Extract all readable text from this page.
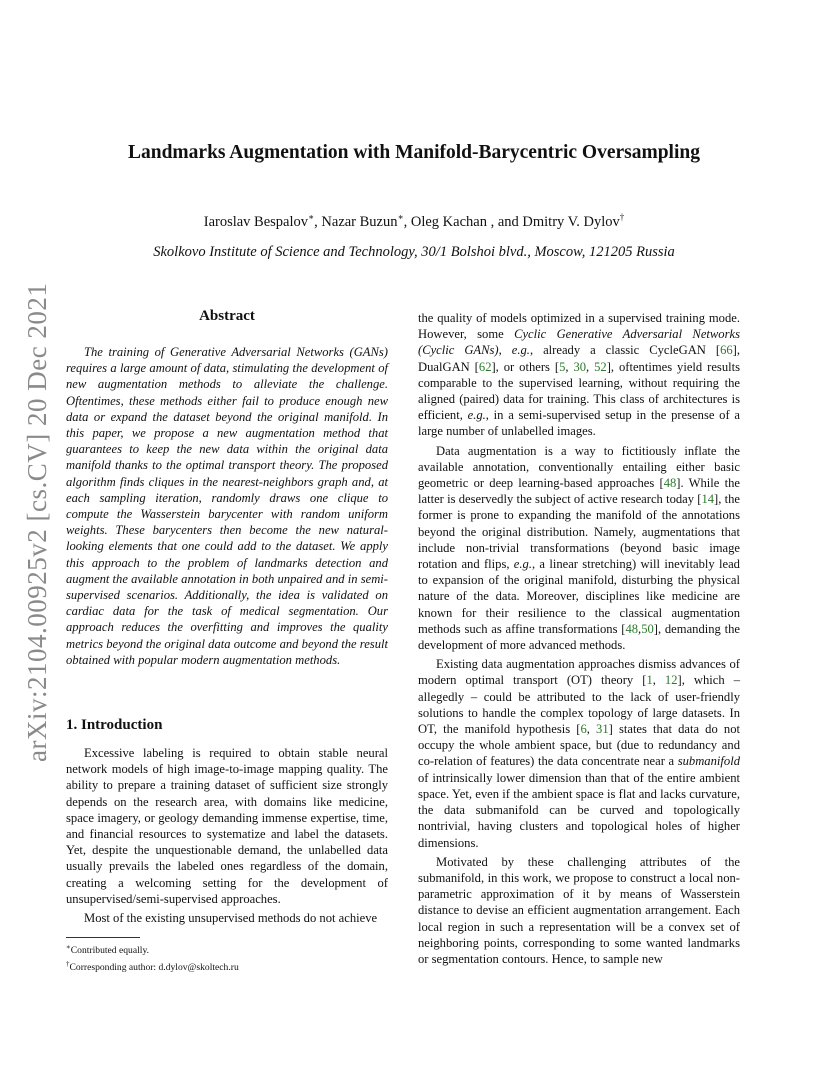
arXiv:2104.00925v2 [cs.CV] 20 Dec 2021
Landmarks Augmentation with Manifold-Barycentric Oversampling
Iaroslav Bespalov∗, Nazar Buzun∗, Oleg Kachan , and Dmitry V. Dylov†
Skolkovo Institute of Science and Technology, 30/1 Bolshoi blvd., Moscow, 121205 Russia
Abstract
The training of Generative Adversarial Networks (GANs) requires a large amount of data, stimulating the development of new augmentation methods to alleviate the challenge. Oftentimes, these methods either fail to produce enough new data or expand the dataset beyond the original manifold. In this paper, we propose a new augmentation method that guarantees to keep the new data within the original data manifold thanks to the optimal transport theory. The proposed algorithm finds cliques in the nearest-neighbors graph and, at each sampling iteration, randomly draws one clique to compute the Wasserstein barycenter with random uniform weights. These barycenters then become the new natural-looking elements that one could add to the dataset. We apply this approach to the problem of landmarks detection and augment the available annotation in both unpaired and in semi-supervised scenarios. Additionally, the idea is validated on cardiac data for the task of medical segmentation. Our approach reduces the overfitting and improves the quality metrics beyond the original data outcome and beyond the result obtained with popular modern augmentation methods.
1. Introduction

Excessive labeling is required to obtain stable neural network models of high image-to-image mapping quality. The ability to prepare a training dataset of sufficient size strongly depends on the research area, with domains like medicine, space imagery, or geology demanding immense expertise, time, and financial resources to systematize and label the datasets. Yet, despite the unquestionable demand, the unlabelled data usually prevails the labeled ones regardless of the domain, creating a welcoming setting for the development of unsupervised/semi-supervised approaches.

Most of the existing unsupervised methods do not achieve

the quality of models optimized in a supervised training mode. However, some Cyclic Generative Adversarial Networks (Cyclic GANs), e.g., already a classic CycleGAN [66], DualGAN [62], or others [5, 30, 52], oftentimes yield results comparable to the supervised learning, without requiring the aligned (paired) data for training. This class of architectures is efficient, e.g., in a semi-supervised setup in the presense of a large number of unlabelled images.

Data augmentation is a way to fictitiously inflate the available annotation, conventionally entailing either basic geometric or deep learning-based approaches [48]. While the latter is deservedly the subject of active research today [14], the former is prone to expanding the manifold of the annotations beyond the original distribution. Namely, augmentations that include non-trivial transformations (beyond basic image rotation and flips, e.g., a linear stretching) will inevitably lead to expansion of the original manifold, disturbing the physical nature of the data. Moreover, disciplines like medicine are known for their resilience to the classical augmentation methods such as affine transformations [48,50], demanding the development of more advanced methods.

Existing data augmentation approaches dismiss advances of modern optimal transport (OT) theory [1, 12], which – allegedly – could be attributed to the lack of user-friendly solutions to handle the complex topology of large datasets. In OT, the manifold hypothesis [6, 31] states that data do not occupy the whole ambient space, but (due to redundancy and co-relation of features) the data concentrate near a submanifold of intrinsically lower dimension than that of the entire ambient space. Yet, even if the ambient space is flat and lacks curvature, the data submanifold can be curved and topologically nontrivial, having clusters and topological holes of higher dimensions.

Motivated by these challenging attributes of the submanifold, in this work, we propose to construct a local non-parametric approximation of it by means of Wasserstein distance to devise an efficient augmentation arrangement. Each local region in such a representation will be a convex set of neighboring points, corresponding to some wanted landmarks or segmentation contours. Hence, to sample new

∗Contributed equally.
†Corresponding author: d.dylov@skoltech.ru
